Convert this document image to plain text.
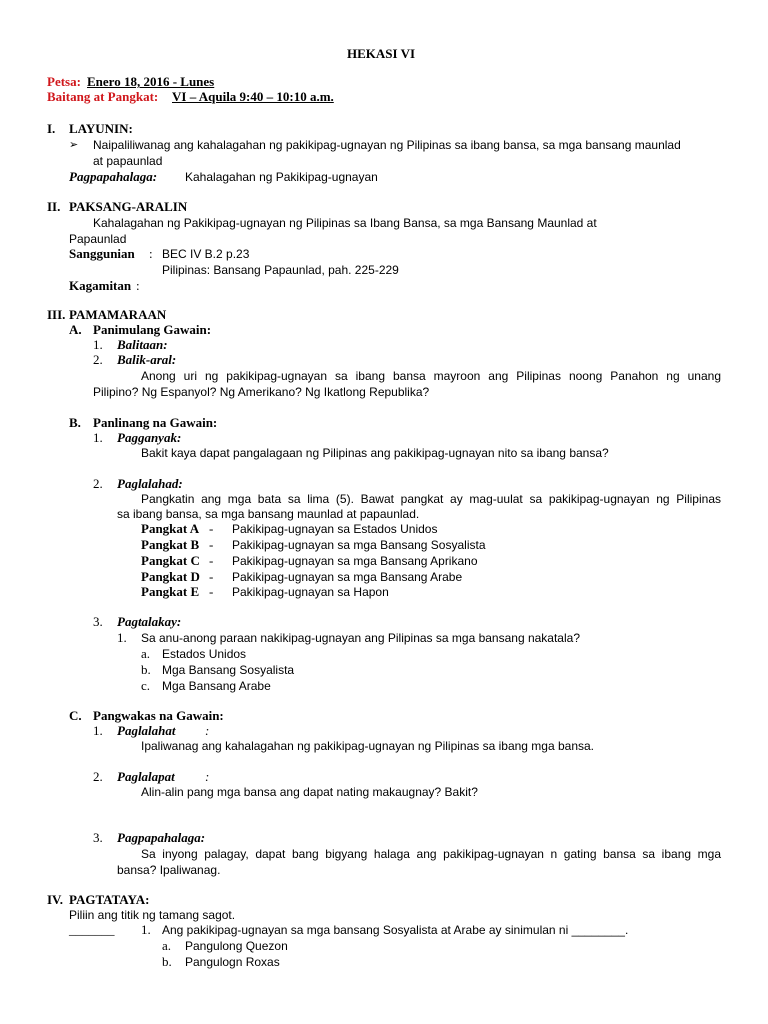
HEKASI VI
Petsa: Enero 18, 2016 - Lunes
Baitang at Pangkat: VI – Aquila 9:40 – 10:10 a.m.
I. LAYUNIN:
➢ Naipaliliwanag ang kahalagahan ng pakikipag-ugnayan ng Pilipinas sa ibang bansa, sa mga bansang maunlad
at papaunlad
Pagpapahalaga: Kahalagahan ng Pakikipag-ugnayan
II. PAKSANG-ARALIN
Kahalagahan ng Pakikipag-ugnayan ng Pilipinas sa Ibang Bansa, sa mga Bansang Maunlad at
Papaunlad
Sanggunian : BEC IV B.2 p.23
Pilipinas: Bansang Papaunlad, pah. 225-229
Kagamitan :
III. PAMAMARAAN
A. Panimulang Gawain:
1. Balitaan:
2. Balik-aral:
Anong uri ng pakikipag-ugnayan sa ibang bansa mayroon ang Pilipinas noong Panahon ng unang
Pilipino? Ng Espanyol? Ng Amerikano? Ng Ikatlong Republika?
B. Panlinang na Gawain:
1. Pagganyak:
Bakit kaya dapat pangalagaan ng Pilipinas ang pakikipag-ugnayan nito sa ibang bansa?
2. Paglalahad:
Pangkatin ang mga bata sa lima (5). Bawat pangkat ay mag-uulat sa pakikipag-ugnayan ng Pilipinas
sa ibang bansa, sa mga bansang maunlad at papaunlad.
Pangkat A - Pakikipag-ugnayan sa Estados Unidos
Pangkat B - Pakikipag-ugnayan sa mga Bansang Sosyalista
Pangkat C - Pakikipag-ugnayan sa mga Bansang Aprikano
Pangkat D - Pakikipag-ugnayan sa mga Bansang Arabe
Pangkat E - Pakikipag-ugnayan sa Hapon
3. Pagtalakay:
1. Sa anu-anong paraan nakikipag-ugnayan ang Pilipinas sa mga bansang nakatala?
a. Estados Unidos
b. Mga Bansang Sosyalista
c. Mga Bansang Arabe
C. Pangwakas na Gawain:
1. Paglalahat :
Ipaliwanag ang kahalagahan ng pakikipag-ugnayan ng Pilipinas sa ibang mga bansa.
2. Paglalapat :
Alin-alin pang mga bansa ang dapat nating makaugnay? Bakit?
3. Pagpapahalaga:
Sa inyong palagay, dapat bang bigyang halaga ang pakikipag-ugnayan n gating bansa sa ibang mga
bansa? Ipaliwanag.
IV. PAGTATAYA:
Piliin ang titik ng tamang sagot.
_______ 1. Ang pakikipag-ugnayan sa mga bansang Sosyalista at Arabe ay sinimulan ni ________.
a. Pangulong Quezon
b. Pangulogn Roxas
